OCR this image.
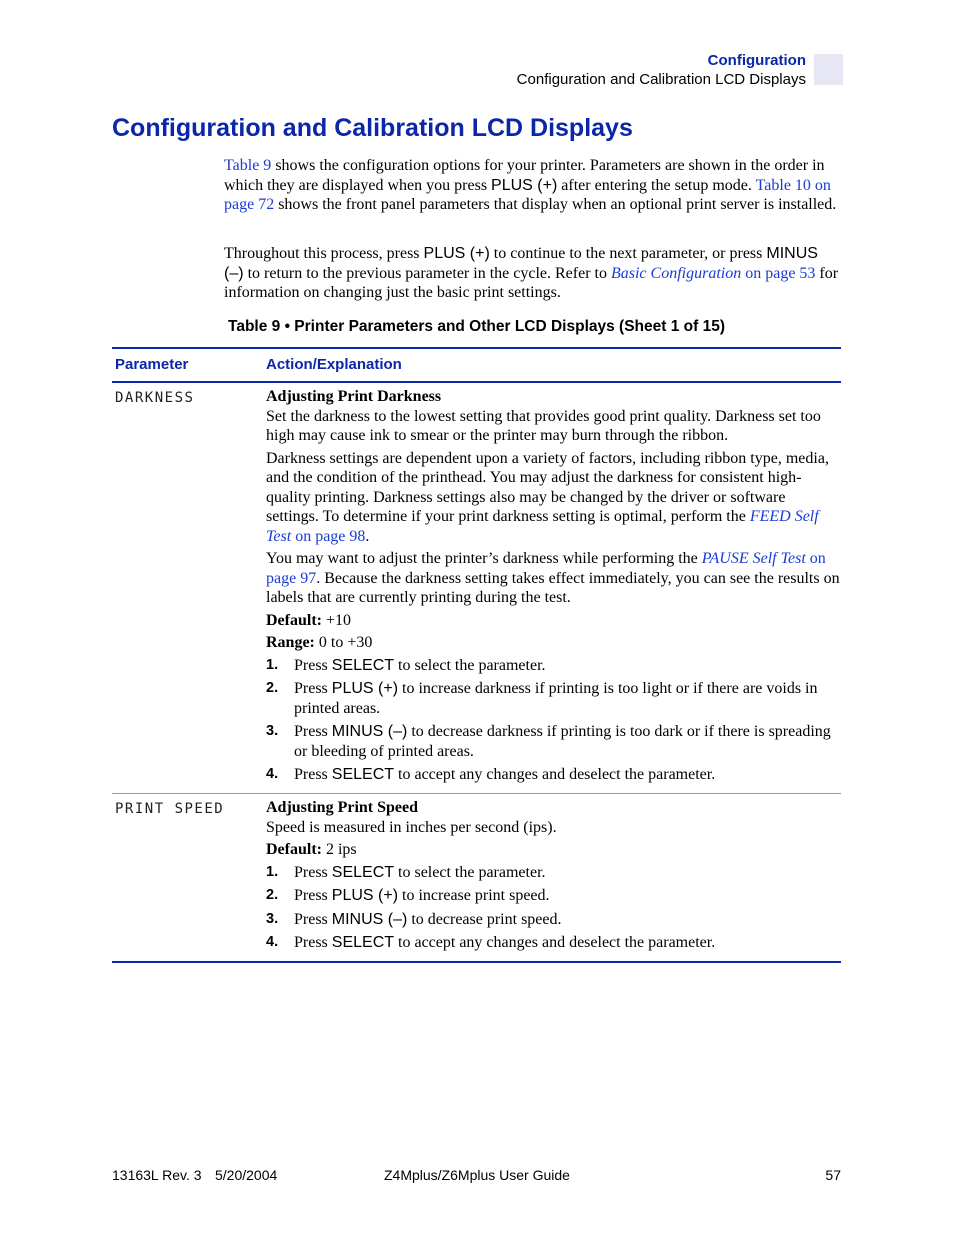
Configuration
Configuration and Calibration LCD Displays
Configuration and Calibration LCD Displays

Table 9 shows the configuration options for your printer. Parameters are shown in the order in which they are displayed when you press PLUS (+) after entering the setup mode. Table 10 on page 72 shows the front panel parameters that display when an optional print server is installed.

Throughout this process, press PLUS (+) to continue to the next parameter, or press MINUS (–) to return to the previous parameter in the cycle. Refer to Basic Configuration on page 53 for information on changing just the basic print settings.

Table 9 • Printer Parameters and Other LCD Displays (Sheet 1 of 15)
Parameter	Action/Explanation
DARKNESS	Adjusting Print Darkness

Set the darkness to the lowest setting that provides good print quality. Darkness set too high may cause ink to smear or the printer may burn through the ribbon.

Darkness settings are dependent upon a variety of factors, including ribbon type, media, and the condition of the printhead. You may adjust the darkness for consistent high-quality printing. Darkness settings also may be changed by the driver or software settings. To determine if your print darkness setting is optimal, perform the FEED Self Test on page 98.

You may want to adjust the printer’s darkness while performing the PAUSE Self Test on page 97. Because the darkness setting takes effect immediately, you can see the results on labels that are currently printing during the test.

Default: +10

Range: 0 to +30

1. Press SELECT to select the parameter.
2. Press PLUS (+) to increase darkness if printing is too light or if there are voids in printed areas.
3. Press MINUS (–) to decrease darkness if printing is too dark or if there is spreading or bleeding of printed areas.
4. Press SELECT to accept any changes and deselect the parameter.
PRINT SPEED	Adjusting Print Speed

Speed is measured in inches per second (ips).

Default: 2 ips

1. Press SELECT to select the parameter.
2. Press PLUS (+) to increase print speed.
3. Press MINUS (–) to decrease print speed.
4. Press SELECT to accept any changes and deselect the parameter.
13163L Rev. 3 5/20/2004	Z4Mplus/Z6Mplus User Guide	57
